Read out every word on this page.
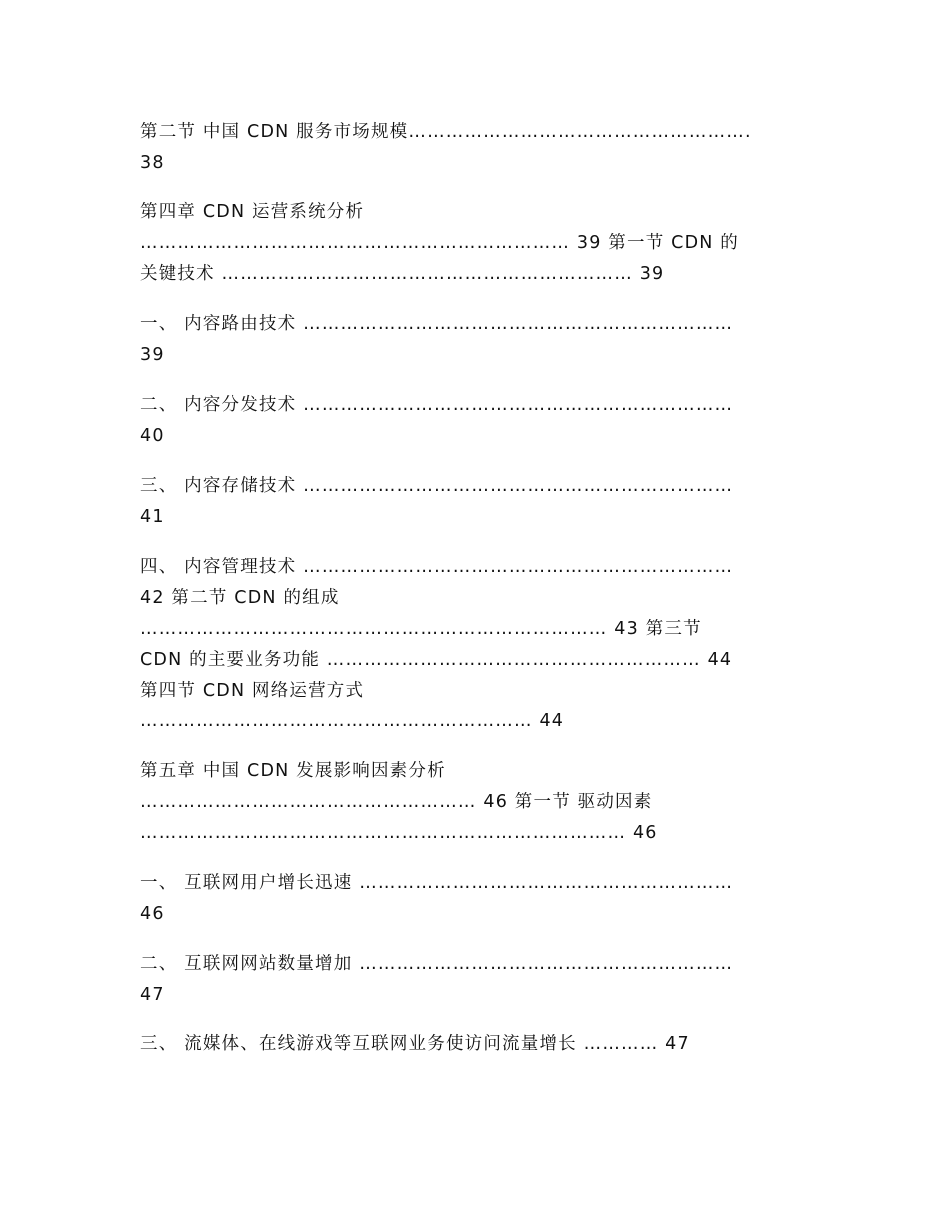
第二节 中国 CDN 服务市场规模……………………………………………….
38
第四章 CDN 运营系统分析
…………………………………………………………… 39 第一节 CDN 的
关键技术 ………………………………………………………… 39
一、 内容路由技术 ……………………………………………………………
39
二、 内容分发技术 ……………………………………………………………
40
三、 内容存储技术 ……………………………………………………………
41
四、 内容管理技术 ……………………………………………………………
42 第二节 CDN 的组成
………………………………………………………………… 43 第三节
CDN 的主要业务功能 …………………………………………………… 44
第四节 CDN 网络运营方式
……………………………………………………… 44
第五章 中国 CDN 发展影响因素分析
……………………………………………… 46 第一节 驱动因素
…………………………………………………………………… 46
一、 互联网用户增长迅速 ……………………………………………………
46
二、 互联网网站数量增加 ……………………………………………………
47
三、 流媒体、在线游戏等互联网业务使访问流量增长 ………… 47
